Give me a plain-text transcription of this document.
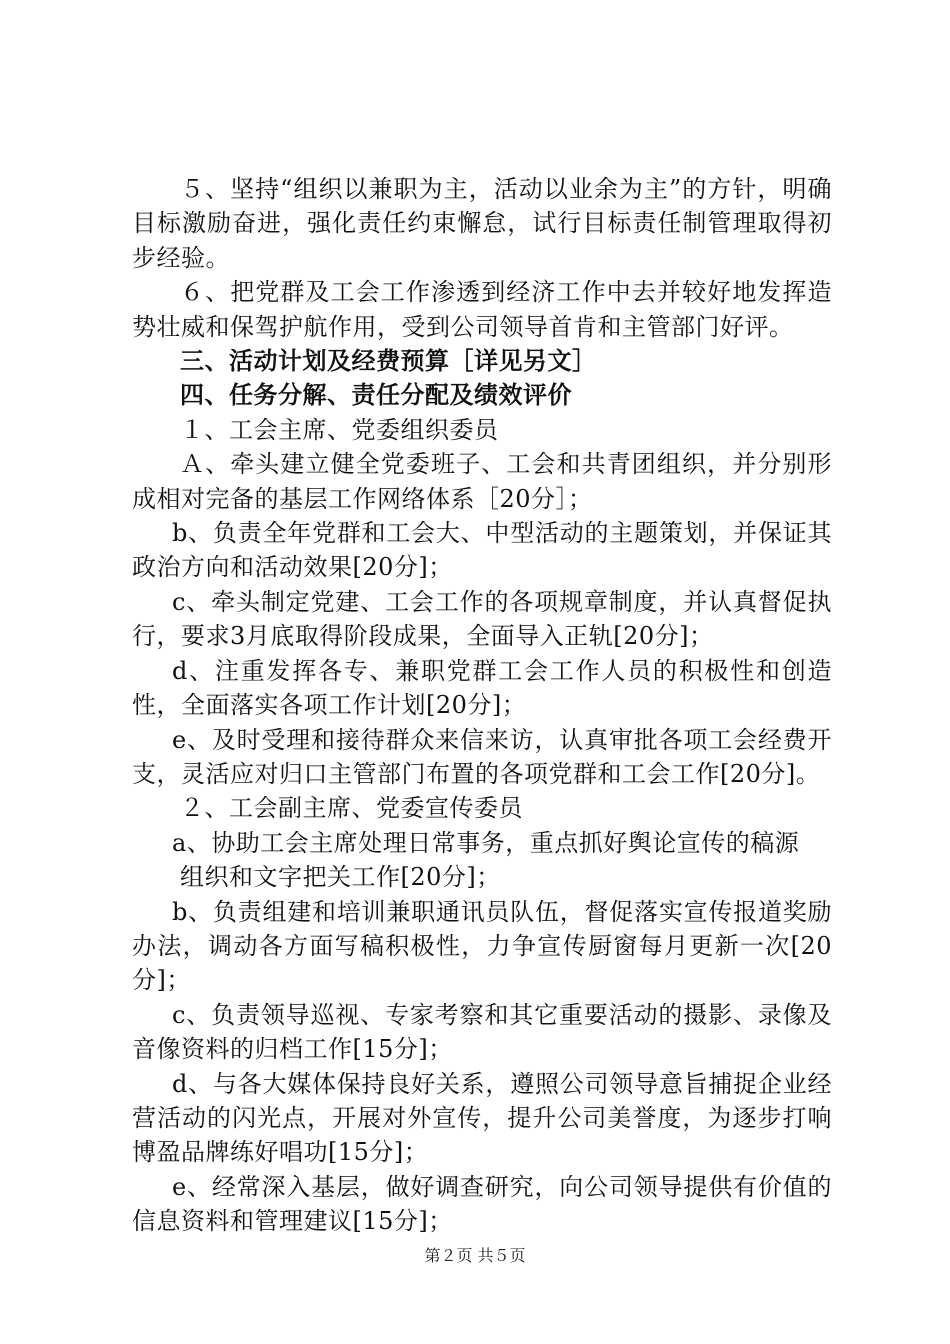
５、坚持“组织以兼职为主，活动以业余为主”的方针，明确目标激励奋进，强化责任约束懈怠，试行目标责任制管理取得初步经验。

６、把党群及工会工作渗透到经济工作中去并较好地发挥造势壮威和保驾护航作用，受到公司领导首肯和主管部门好评。

三、活动计划及经费预算［详见另文］

四、任务分解、责任分配及绩效评价

１、工会主席、党委组织委员

Ａ、牵头建立健全党委班子、工会和共青团组织，并分别形成相对完备的基层工作网络体系［20分］；

b、负责全年党群和工会大、中型活动的主题策划，并保证其政治方向和活动效果[20分]；

c、牵头制定党建、工会工作的各项规章制度，并认真督促执行，要求3月底取得阶段成果，全面导入正轨[20分]；

d、注重发挥各专、兼职党群工会工作人员的积极性和创造性，全面落实各项工作计划[20分]；

e、及时受理和接待群众来信来访，认真审批各项工会经费开支，灵活应对归口主管部门布置的各项党群和工会工作[20分]。

２、工会副主席、党委宣传委员

a、协助工会主席处理日常事务，重点抓好舆论宣传的稿源

组织和文字把关工作[20分]；

b、负责组建和培训兼职通讯员队伍，督促落实宣传报道奖励办法，调动各方面写稿积极性，力争宣传厨窗每月更新一次[20分]；

c、负责领导巡视、专家考察和其它重要活动的摄影、录像及音像资料的归档工作[15分]；

d、与各大媒体保持良好关系，遵照公司领导意旨捕捉企业经营活动的闪光点，开展对外宣传，提升公司美誉度，为逐步打响博盈品牌练好唱功[15分]；

e、经常深入基层，做好调查研究，向公司领导提供有价值的信息资料和管理建议[15分]；

第２页 共５页
